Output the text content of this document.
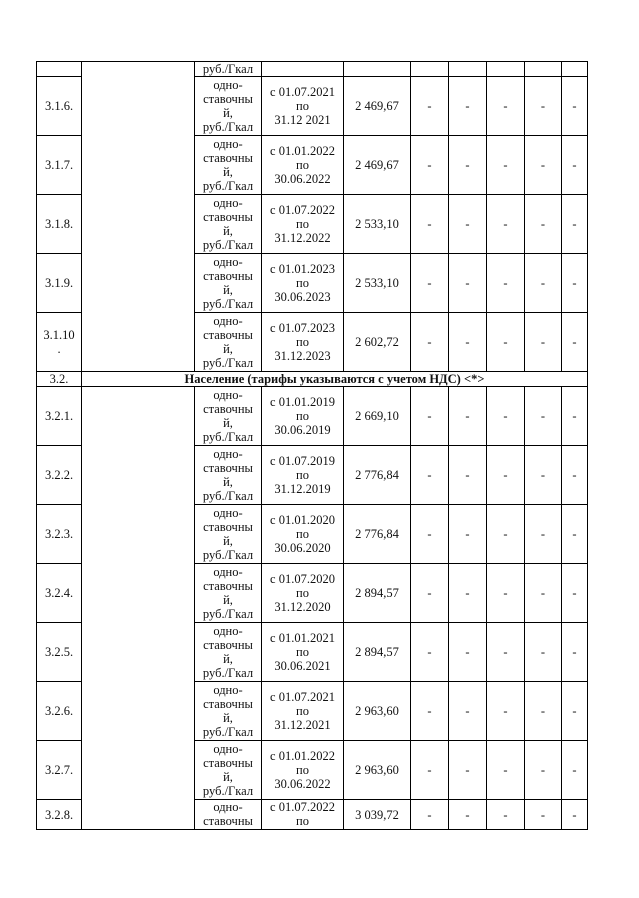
		руб./Гкал							
3.1.6.		одно-
ставочны
й,
руб./Гкал	с 01.07.2021
по
31.12 2021	2 469,67	-	-	-	-	-
3.1.7.		одно-
ставочны
й,
руб./Гкал	с 01.01.2022
по
30.06.2022	2 469,67	-	-	-	-	-
3.1.8.		одно-
ставочны
й,
руб./Гкал	с 01.07.2022
по
31.12.2022	2 533,10	-	-	-	-	-
3.1.9.		одно-
ставочны
й,
руб./Гкал	с 01.01.2023
по
30.06.2023	2 533,10	-	-	-	-	-
3.1.10
.		одно-
ставочны
й,
руб./Гкал	с 01.07.2023
по
31.12.2023	2 602,72	-	-	-	-	-
3.2.	Население (тарифы указываются с учетом НДС) <*>								
3.2.1.		одно-
ставочны
й,
руб./Гкал	с 01.01.2019
по
30.06.2019	2 669,10	-	-	-	-	-
3.2.2.		одно-
ставочны
й,
руб./Гкал	с 01.07.2019
по
31.12.2019	2 776,84	-	-	-	-	-
3.2.3.		одно-
ставочны
й,
руб./Гкал	с 01.01.2020
по
30.06.2020	2 776,84	-	-	-	-	-
3.2.4.		одно-
ставочны
й,
руб./Гкал	с 01.07.2020
по
31.12.2020	2 894,57	-	-	-	-	-
3.2.5.		одно-
ставочны
й,
руб./Гкал	с 01.01.2021
по
30.06.2021	2 894,57	-	-	-	-	-
3.2.6.		одно-
ставочны
й,
руб./Гкал	с 01.07.2021
по
31.12.2021	2 963,60	-	-	-	-	-
3.2.7.		одно-
ставочны
й,
руб./Гкал	с 01.01.2022
по
30.06.2022	2 963,60	-	-	-	-	-
3.2.8.		одно-
ставочны	с 01.07.2022
по	3 039,72	-	-	-	-	-
